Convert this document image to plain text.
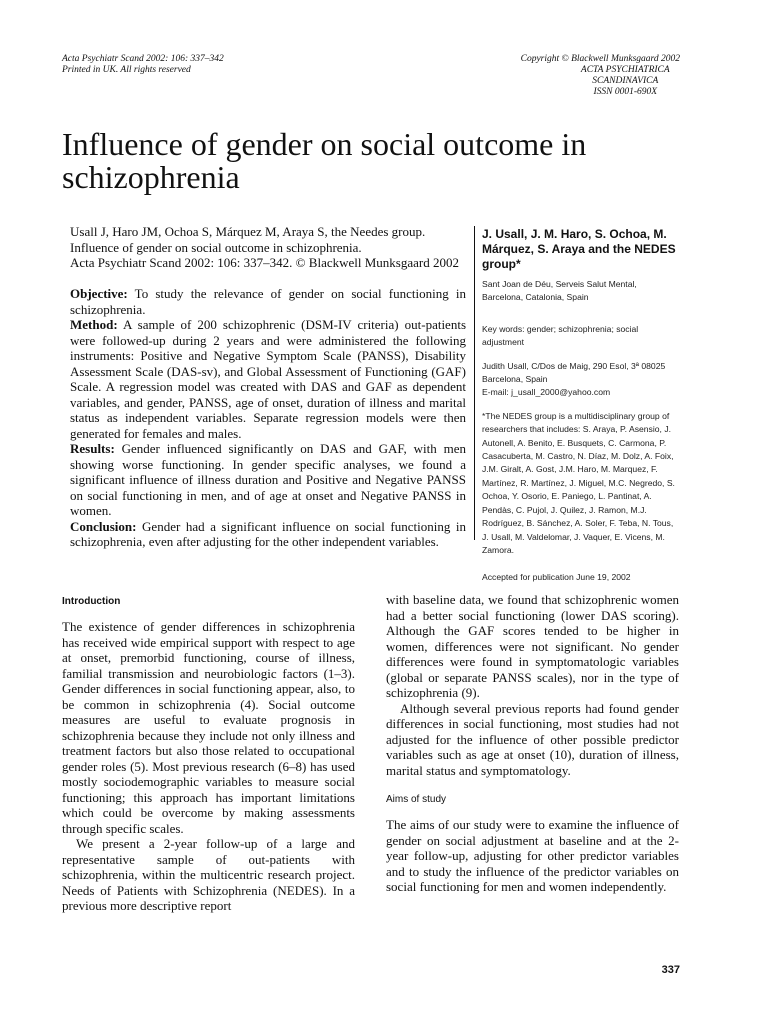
Acta Psychiatr Scand 2002: 106: 337–342
Printed in UK. All rights reserved
Copyright © Blackwell Munksgaard 2002
ACTA PSYCHIATRICA
SCANDINAVICA
ISSN 0001-690X
Influence of gender on social outcome in schizophrenia
Usall J, Haro JM, Ochoa S, Márquez M, Araya S, the Needes group.
Influence of gender on social outcome in schizophrenia.
Acta Psychiatr Scand 2002: 106: 337–342. © Blackwell Munksgaard 2002

Objective: To study the relevance of gender on social functioning in schizophrenia.

Method: A sample of 200 schizophrenic (DSM-IV criteria) out-patients were followed-up during 2 years and were administered the following instruments: Positive and Negative Symptom Scale (PANSS), Disability Assessment Scale (DAS-sv), and Global Assessment of Functioning (GAF) Scale. A regression model was created with DAS and GAF as dependent variables, and gender, PANSS, age of onset, duration of illness and marital status as independent variables. Separate regression models were then generated for females and males.

Results: Gender influenced significantly on DAS and GAF, with men showing worse functioning. In gender specific analyses, we found a significant influence of illness duration and Positive and Negative PANSS on social functioning in men, and of age at onset and Negative PANSS in women.

Conclusion: Gender had a significant influence on social functioning in schizophrenia, even after adjusting for the other independent variables.

J. Usall, J. M. Haro, S. Ochoa, M. Márquez, S. Araya and the NEDES group*

Sant Joan de Déu, Serveis Salut Mental, Barcelona, Catalonia, Spain

Key words: gender; schizophrenia; social adjustment

Judith Usall, C/Dos de Maig, 290 Esol, 3ª 08025 Barcelona, Spain

E-mail: j_usall_2000@yahoo.com

*The NEDES group is a multidisciplinary group of researchers that includes: S. Araya, P. Asensio, J. Autonell, A. Benito, E. Busquets, C. Carmona, P. Casacuberta, M. Castro, N. Díaz, M. Dolz, A. Foix, J.M. Giralt, A. Gost, J.M. Haro, M. Marquez, F. Martínez, R. Martínez, J. Miguel, M.C. Negredo, S. Ochoa, Y. Osorio, E. Paniego, L. Pantinat, A. Pendàs, C. Pujol, J. Quilez, J. Ramon, M.J. Rodríguez, B. Sánchez, A. Soler, F. Teba, N. Tous, J. Usall, M. Valdelomar, J. Vaquer, E. Vicens, M. Zamora.

Accepted for publication June 19, 2002

Introduction

The existence of gender differences in schizophrenia has received wide empirical support with respect to age at onset, premorbid functioning, course of illness, familial transmission and neurobiologic factors (1–3). Gender differences in social functioning appear, also, to be common in schizophrenia (4). Social outcome measures are useful to evaluate prognosis in schizophrenia because they include not only illness and treatment factors but also those related to occupational gender roles (5). Most previous research (6–8) has used mostly sociodemographic variables to measure social functioning; this approach has important limitations which could be overcome by making assessments through specific scales.

We present a 2-year follow-up of a large and representative sample of out-patients with schizophrenia, within the multicentric research project. Needs of Patients with Schizophrenia (NEDES). In a previous more descriptive report

with baseline data, we found that schizophrenic women had a better social functioning (lower DAS scoring). Although the GAF scores tended to be higher in women, differences were not significant. No gender differences were found in symptomatologic variables (global or separate PANSS scales), nor in the type of schizophrenia (9).

Although several previous reports had found gender differences in social functioning, most studies had not adjusted for the influence of other possible predictor variables such as age at onset (10), duration of illness, marital status and symptomatology.

Aims of study

The aims of our study were to examine the influence of gender on social adjustment at baseline and at the 2-year follow-up, adjusting for other predictor variables and to study the influence of the predictor variables on social functioning for men and women independently.

337
